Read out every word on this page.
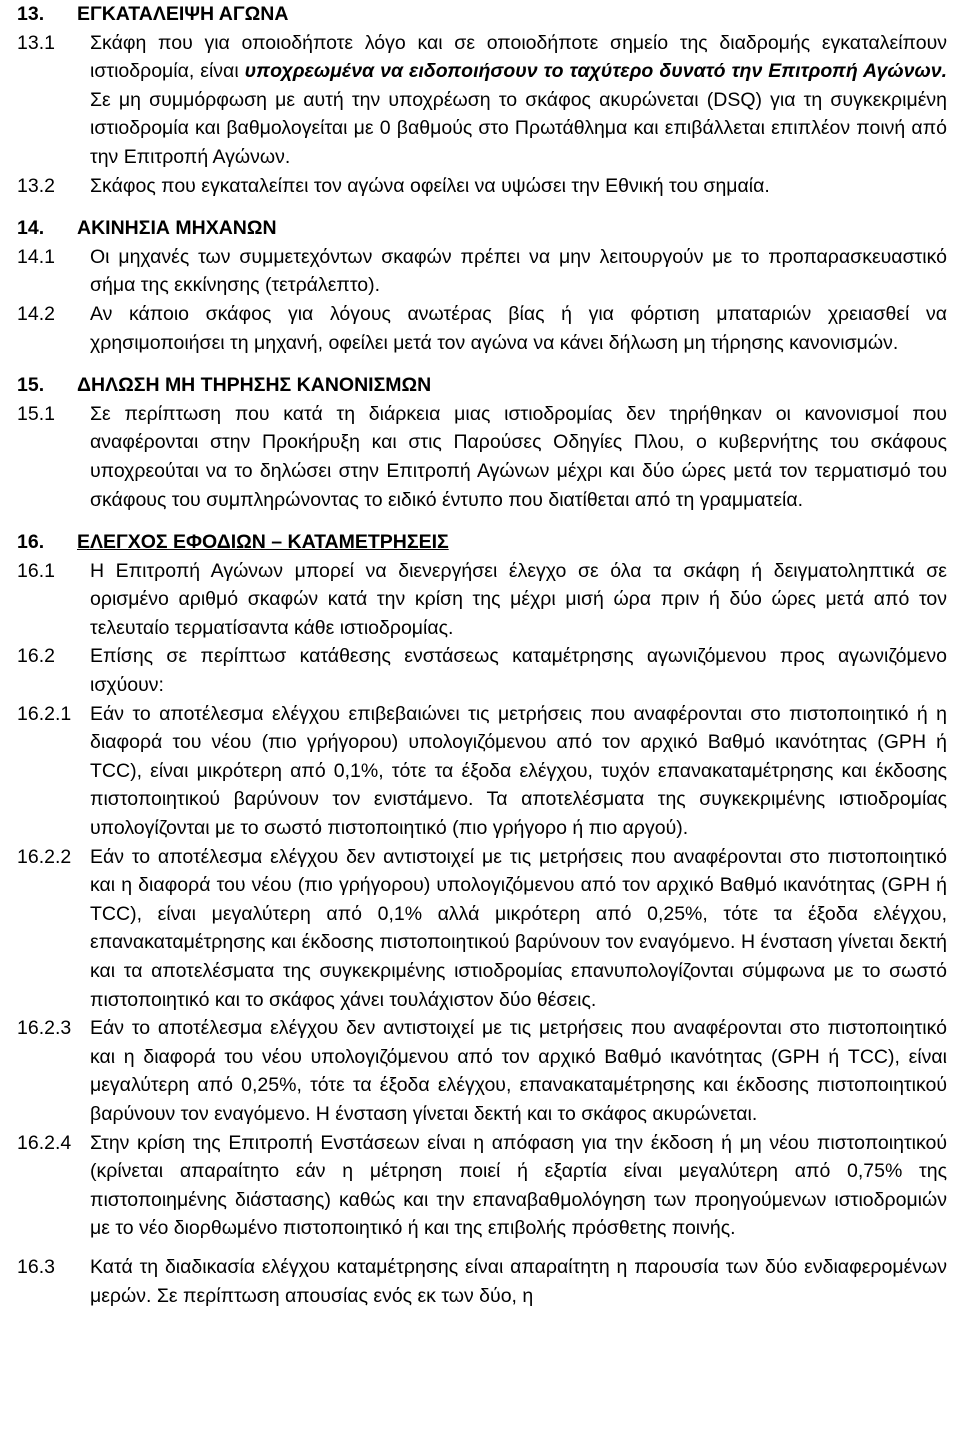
13.	ΕΓΚΑΤΑΛΕΙΨΗ ΑΓΩΝΑ
13.1	Σκάφη που για οποιοδήποτε λόγο και σε οποιοδήποτε σημείο της διαδρομής εγκαταλείπουν ιστιοδρομία, είναι υποχρεωμένα να ειδοποιήσουν το ταχύτερο δυνατό την Επιτροπή Αγώνων. Σε μη συμμόρφωση με αυτή την υποχρέωση το σκάφος ακυρώνεται (DSQ) για τη συγκεκριμένη ιστιοδρομία και βαθμολογείται με 0 βαθμούς στο Πρωτάθλημα και επιβάλλεται επιπλέον ποινή από την Επιτροπή Αγώνων.
13.2	Σκάφος που εγκαταλείπει τον αγώνα οφείλει να υψώσει την Εθνική του σημαία.
14.	ΑΚΙΝΗΣΙΑ ΜΗΧΑΝΩΝ
14.1	Οι μηχανές των συμμετεχόντων σκαφών πρέπει να μην λειτουργούν με το προπαρασκευαστικό σήμα της εκκίνησης (τετράλεπτο).
14.2	Αν κάποιο σκάφος για λόγους ανωτέρας βίας ή για φόρτιση μπαταριών χρειασθεί να χρησιμοποιήσει τη μηχανή, οφείλει μετά τον αγώνα να κάνει δήλωση μη τήρησης κανονισμών.
15.	ΔΗΛΩΣΗ ΜΗ ΤΗΡΗΣΗΣ ΚΑΝΟΝΙΣΜΩΝ
15.1	Σε περίπτωση που κατά τη διάρκεια μιας ιστιοδρομίας δεν τηρήθηκαν οι κανονισμοί που αναφέρονται στην Προκήρυξη και στις Παρούσες Οδηγίες Πλου, ο κυβερνήτης του σκάφους υποχρεούται να το δηλώσει στην Επιτροπή Αγώνων μέχρι και δύο ώρες μετά τον τερματισμό του σκάφους του συμπληρώνοντας το ειδικό έντυπο που διατίθεται από τη γραμματεία.
16.	ΕΛΕΓΧΟΣ ΕΦΟΔΙΩΝ – ΚΑΤΑΜΕΤΡΗΣΕΙΣ
16.1	Η Επιτροπή Αγώνων μπορεί να διενεργήσει έλεγχο σε όλα τα σκάφη ή δειγματοληπτικά σε ορισμένο αριθμό σκαφών κατά την κρίση της μέχρι μισή ώρα πριν ή δύο ώρες μετά από τον τελευταίο τερματίσαντα κάθε ιστιοδρομίας.
16.2	Επίσης σε περίπτωσ κατάθεσης ενστάσεως καταμέτρησης αγωνιζόμενου προς αγωνιζόμενο ισχύουν:
16.2.1 Εάν το αποτέλεσμα ελέγχου επιβεβαιώνει τις μετρήσεις που αναφέρονται στο πιστοποιητικό ή η διαφορά του νέου (πιο γρήγορου) υπολογιζόμενου από τον αρχικό Βαθμό ικανότητας (GPH ή TCC), είναι μικρότερη από 0,1%, τότε τα έξοδα ελέγχου, τυχόν επανακαταμέτρησης και έκδοσης πιστοποιητικού βαρύνουν τον ενιστάμενο. Τα αποτελέσματα της συγκεκριμένης ιστιοδρομίας υπολογίζονται με το σωστό πιστοποιητικό (πιο γρήγορο ή πιο αργού).
16.2.2 Εάν το αποτέλεσμα ελέγχου δεν αντιστοιχεί με τις μετρήσεις που αναφέρονται στο πιστοποιητικό και η διαφορά του νέου (πιο γρήγορου) υπολογιζόμενου από τον αρχικό Βαθμό ικανότητας (GPH ή TCC), είναι μεγαλύτερη από 0,1% αλλά μικρότερη από 0,25%, τότε τα έξοδα ελέγχου, επανακαταμέτρησης και έκδοσης πιστοποιητικού βαρύνουν τον εναγόμενο. Η ένσταση γίνεται δεκτή και τα αποτελέσματα της συγκεκριμένης ιστιοδρομίας επανυπολογίζονται σύμφωνα με το σωστό πιστοποιητικό και το σκάφος χάνει τουλάχιστον δύο θέσεις.
16.2.3 Εάν το αποτέλεσμα ελέγχου δεν αντιστοιχεί με τις μετρήσεις που αναφέρονται στο πιστοποιητικό και η διαφορά του νέου υπολογιζόμενου από τον αρχικό Βαθμό ικανότητας (GPH ή TCC), είναι μεγαλύτερη από 0,25%, τότε τα έξοδα ελέγχου, επανακαταμέτρησης και έκδοσης πιστοποιητικού βαρύνουν τον εναγόμενο. Η ένσταση γίνεται δεκτή και το σκάφος ακυρώνεται.
16.2.4 Στην κρίση της Επιτροπή Ενστάσεων είναι η απόφαση για την έκδοση ή μη νέου πιστοποιητικού (κρίνεται απαραίτητο εάν η μέτρηση ποιεί ή εξαρτία είναι μεγαλύτερη από 0,75% της πιστοποιημένης διάστασης) καθώς και την επαναβαθμολόγηση των προηγούμενων ιστιοδρομιών με το νέο διορθωμένο πιστοποιητικό ή και της επιβολής πρόσθετης ποινής.
16.3	Κατά τη διαδικασία ελέγχου καταμέτρησης είναι απαραίτητη η παρουσία των δύο ενδιαφερομένων μερών. Σε περίπτωση απουσίας ενός εκ των δύο, η
